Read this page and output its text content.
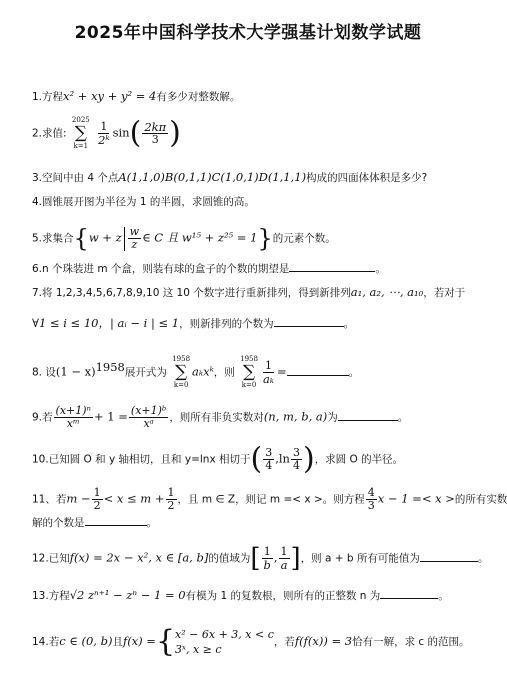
2025年中国科学技术大学强基计划数学试题
1.方程x² + xy + y² = 4有多少对整数解。
2.求值:
2025
∑
k=1
$\frac{1}{\text{2ᵏ}} \sin( \frac{2k\pi}{3}$ )
3.空间中由 4 个点A(1,1,0)B(0,1,1)C(1,0,1)D(1,1,1)构成的四面体体积是多少?
4.圆锥展开图为半径为 1 的半圆，求圆锥的高。
5.求集合{w + z $\frac{w}{z}$ ∈ C 且 w¹⁵ + z²⁵ = 1}的元素个数。
6.n 个珠装进 m 个盒，则装有球的盒子的个数的期望是	。
7.将 1,2,3,4,5,6,7,8,9,10 这 10 个数字进行重新排列，得到新排列a₁, a₂, ⋯, a₁₀，若对于
∀1 ≤ i ≤ 10，| aᵢ − i | ≤ 1，则新排列的个数为	。
8. 设$(1 - x)^{1958}$展开式为
1958
∑
k=0
aₖxᵏ，则
1958
∑
$k=0 \frac{1}{\text{aₖ}}$ =	。
9.若 $\frac{\text{(x+1)ⁿ}}{\text{xᵐ}} + 1 = \frac{\text{(x+1)ᵇ}}{\text{xᵃ}}$ ，则所有非负实数对(n, m, b, a)为	。
10.已知圆 O 和 y 轴相切，且和 y=lnx 相切于( $\frac{3}{4} ,\ln \frac{3}{4}$ )，求圆 O 的半径。
11、若$m - \frac{1}{2} < x \le m + \frac{1}{2}$ ，且 m ∈ Z，则记 m =< x >。则方程 $\frac{4}{3}$ x − 1 =< x >的所有实数
解的个数是	。
12.已知f(x) = 2x − x², x ∈ [a, b]的值域为[ $\frac{1}{b}$ , $\frac{1}{a}$ ]，则 a + b 所有可能值为	。
13.方程√2 zⁿ⁺¹ − zⁿ − 1 = 0有模为 1 的复数根，则所有的正整数 n 为	。
14.若c ∈ (0, b)且f(x) ={ x² − 6x + 3, x < c
3ˣ, x ≥ c
，若f(f(x)) = 3恰有一解，求 c 的范围。
